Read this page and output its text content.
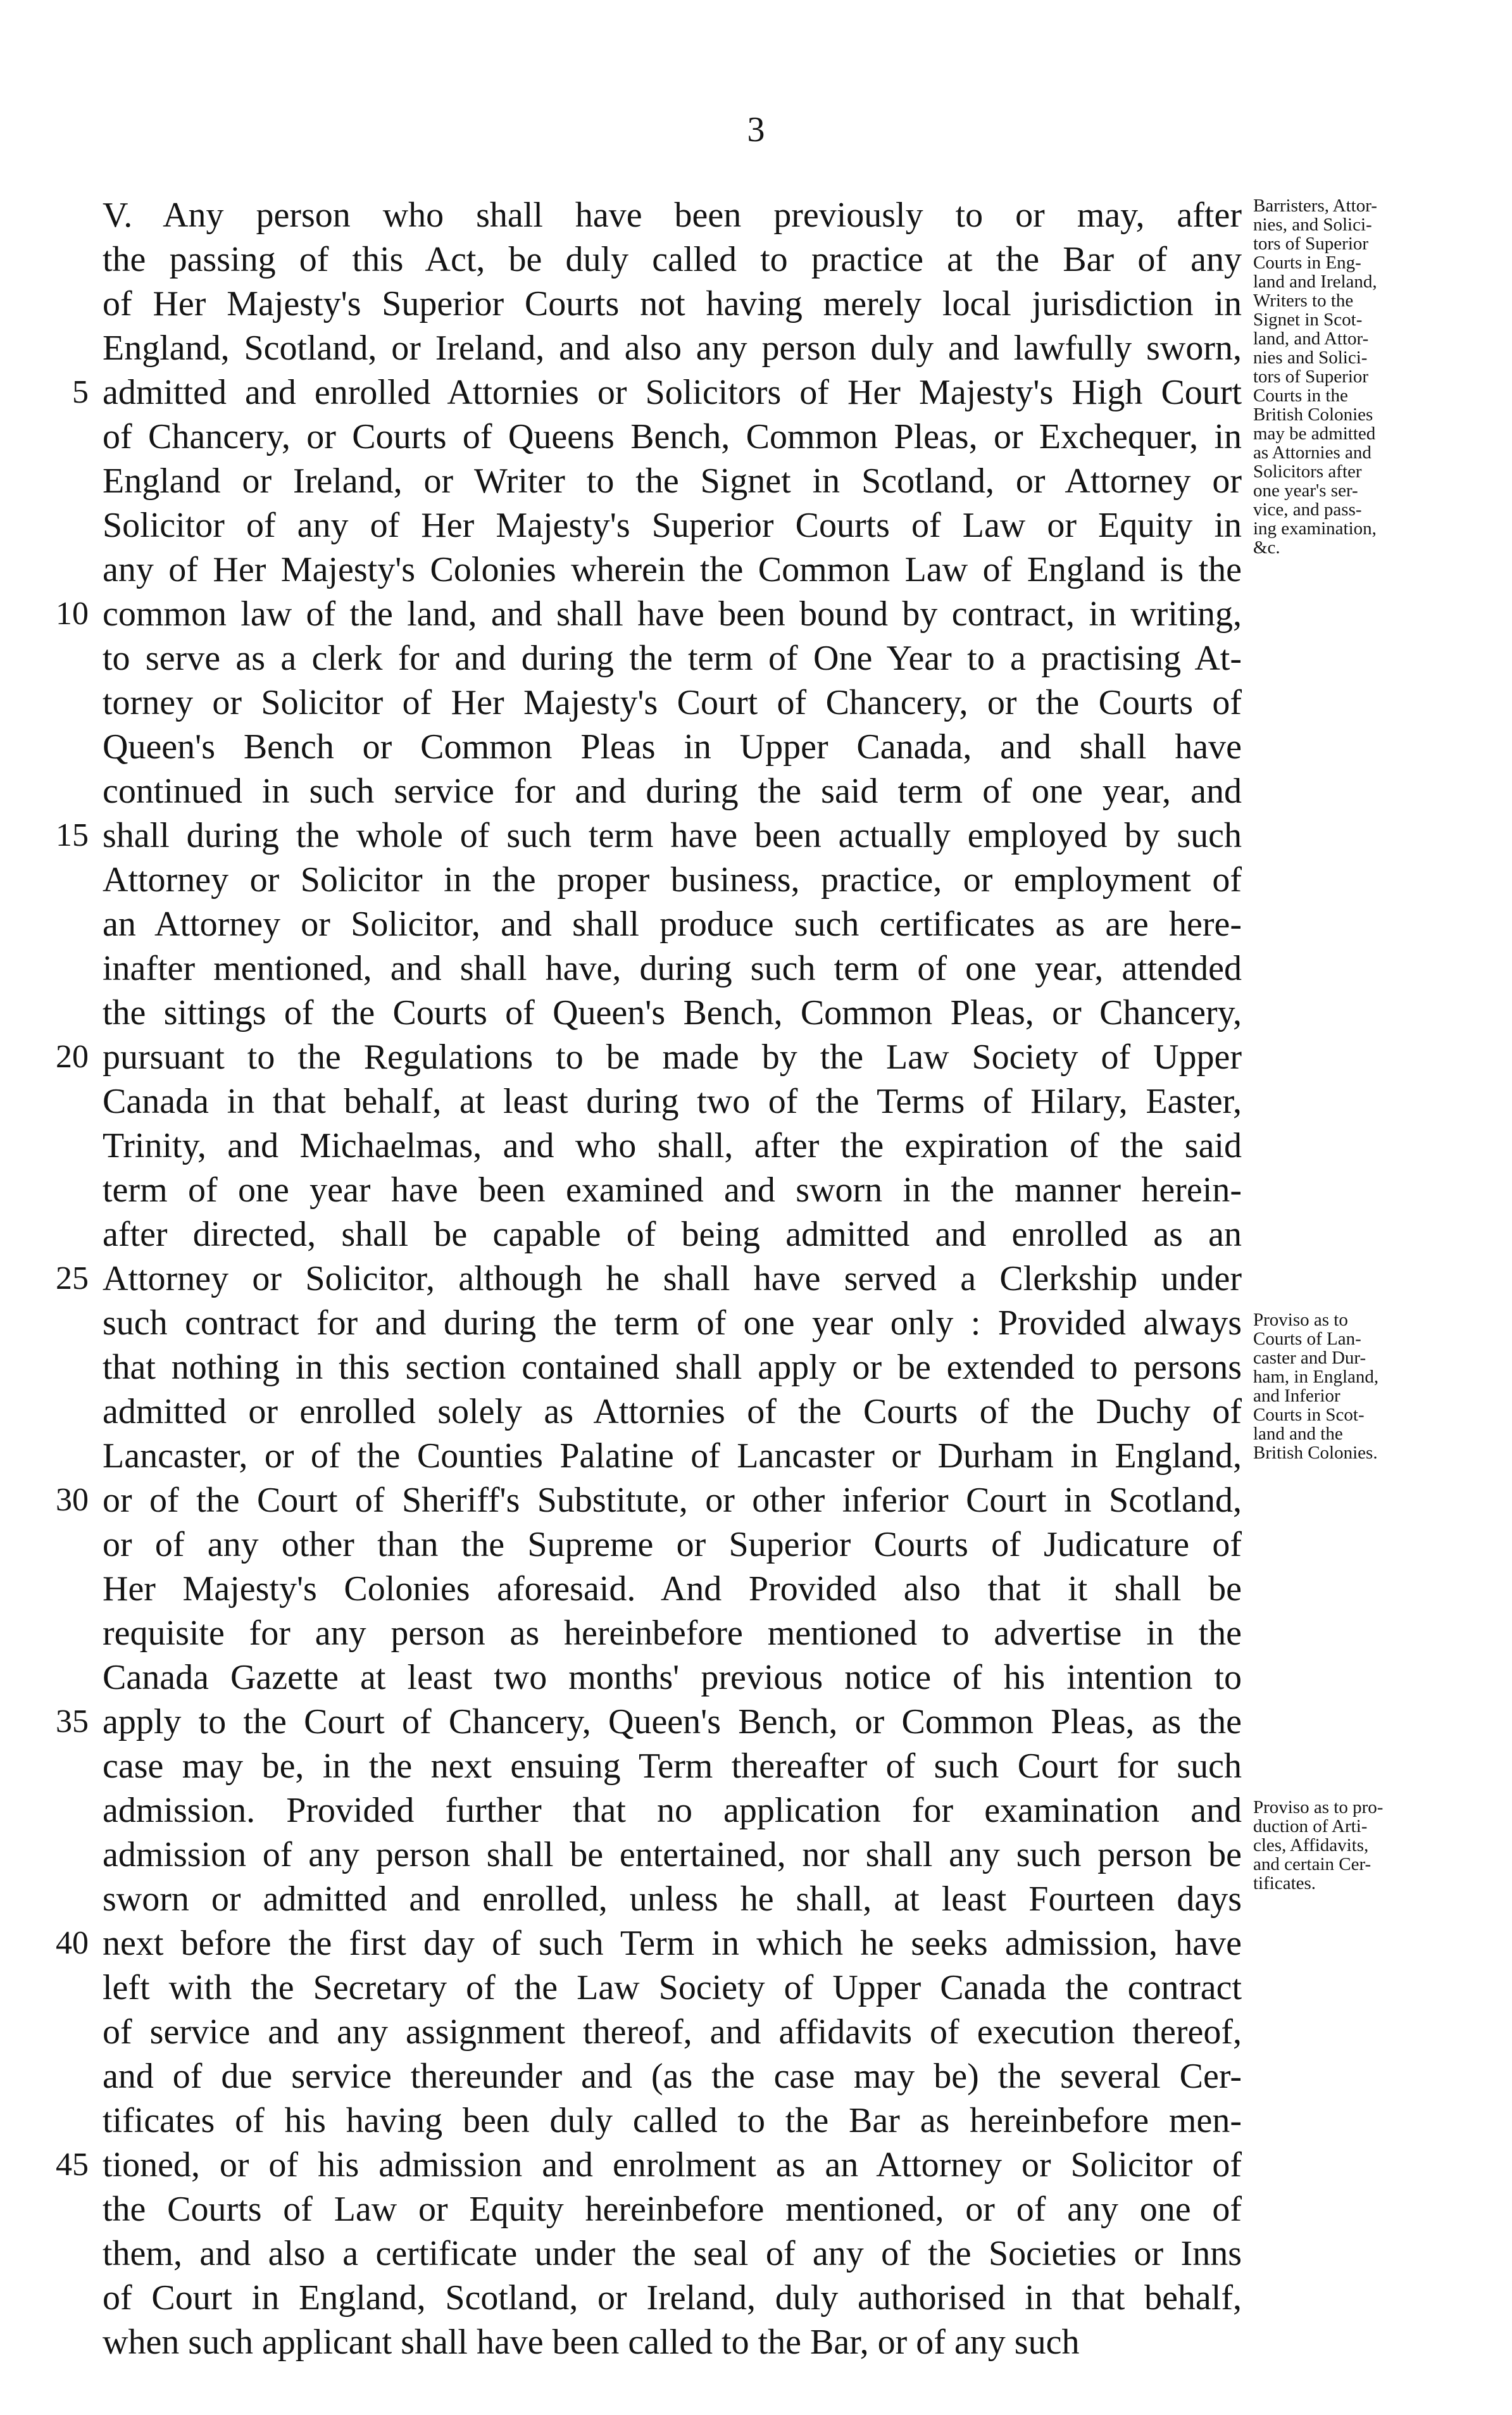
3
V. Any person who shall have been previously to or may, after
the passing of this Act, be duly called to practice at the Bar of any
of Her Majesty's Superior Courts not having merely local jurisdiction in
England, Scotland, or Ireland, and also any person duly and lawfully sworn,
admitted and enrolled Attornies or Solicitors of Her Majesty's High Court
of Chancery, or Courts of Queens Bench, Common Pleas, or Exchequer, in
England or Ireland, or Writer to the Signet in Scotland, or Attorney or
Solicitor of any of Her Majesty's Superior Courts of Law or Equity in
any of Her Majesty's Colonies wherein the Common Law of England is the
common law of the land, and shall have been bound by contract, in writing,
to serve as a clerk for and during the term of One Year to a practising At-
torney or Solicitor of Her Majesty's Court of Chancery, or the Courts of
Queen's Bench or Common Pleas in Upper Canada, and shall have
continued in such service for and during the said term of one year, and
shall during the whole of such term have been actually employed by such
Attorney or Solicitor in the proper business, practice, or employment of
an Attorney or Solicitor, and shall produce such certificates as are here-
inafter mentioned, and shall have, during such term of one year, attended
the sittings of the Courts of Queen's Bench, Common Pleas, or Chancery,
pursuant to the Regulations to be made by the Law Society of Upper
Canada in that behalf, at least during two of the Terms of Hilary, Easter,
Trinity, and Michaelmas, and who shall, after the expiration of the said
term of one year have been examined and sworn in the manner herein-
after directed, shall be capable of being admitted and enrolled as an
Attorney or Solicitor, although he shall have served a Clerkship under
such contract for and during the term of one year only : Provided always
that nothing in this section contained shall apply or be extended to persons
admitted or enrolled solely as Attornies of the Courts of the Duchy of
Lancaster, or of the Counties Palatine of Lancaster or Durham in England,
or of the Court of Sheriff's Substitute, or other inferior Court in Scotland,
or of any other than the Supreme or Superior Courts of Judicature of
Her Majesty's Colonies aforesaid. And Provided also that it shall be
requisite for any person as hereinbefore mentioned to advertise in the
Canada Gazette at least two months' previous notice of his intention to
apply to the Court of Chancery, Queen's Bench, or Common Pleas, as the
case may be, in the next ensuing Term thereafter of such Court for such
admission. Provided further that no application for examination and
admission of any person shall be entertained, nor shall any such person be
sworn or admitted and enrolled, unless he shall, at least Fourteen days
next before the first day of such Term in which he seeks admission, have
left with the Secretary of the Law Society of Upper Canada the contract
of service and any assignment thereof, and affidavits of execution thereof,
and of due service thereunder and (as the case may be) the several Cer-
tificates of his having been duly called to the Bar as hereinbefore men-
tioned, or of his admission and enrolment as an Attorney or Solicitor of
the Courts of Law or Equity hereinbefore mentioned, or of any one of
them, and also a certificate under the seal of any of the Societies or Inns
of Court in England, Scotland, or Ireland, duly authorised in that behalf,
when such applicant shall have been called to the Bar, or of any such
5
10
15
20
25
30
35
40
45
Barristers, Attor-
nies, and Solici-
tors of Superior
Courts in Eng-
land and Ireland,
Writers to the
Signet in Scot-
land, and Attor-
nies and Solici-
tors of Superior
Courts in the
British Colonies
may be admitted
as Attornies and
Solicitors after
one year's ser-
vice, and pass-
ing examination,
&c.
Proviso as to
Courts of Lan-
caster and Dur-
ham, in England,
and Inferior
Courts in Scot-
land and the
British Colonies.
Proviso as to pro-
duction of Arti-
cles, Affidavits,
and certain Cer-
tificates.
